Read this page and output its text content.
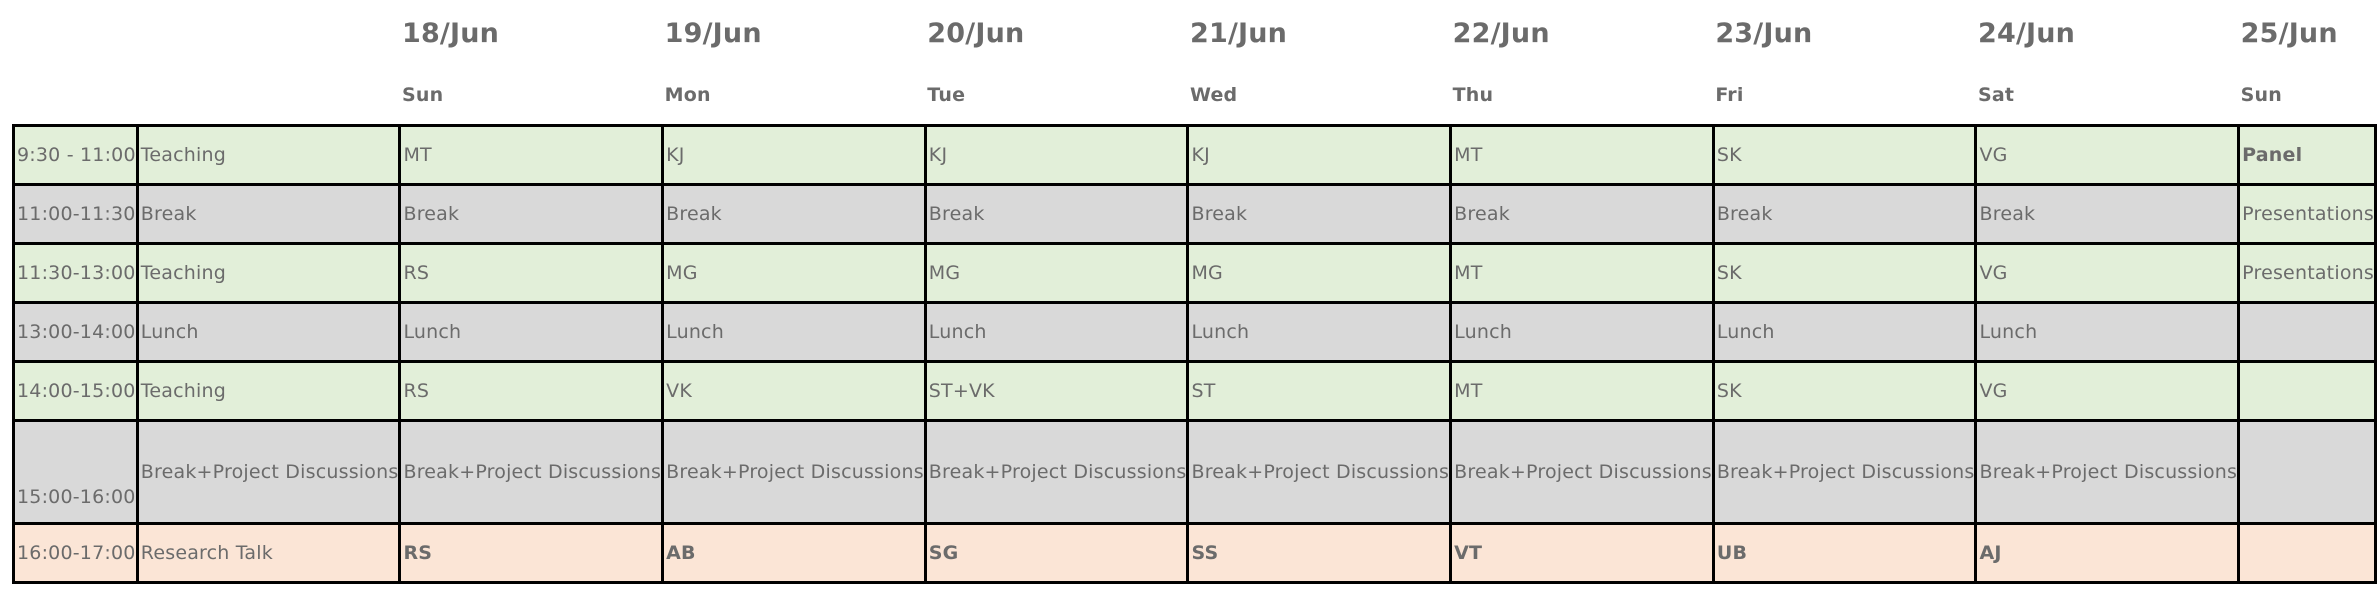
		18/Jun	19/Jun	20/Jun	21/Jun	22/Jun	23/Jun	24/Jun	25/Jun
		Sun	Mon	Tue	Wed	Thu	Fri	Sat	Sun
9:30 - 11:00	Teaching	MT	KJ	KJ	KJ	MT	SK	VG	Panel
11:00-11:30	Break	Break	Break	Break	Break	Break	Break	Break	Presentations
11:30-13:00	Teaching	RS	MG	MG	MG	MT	SK	VG	Presentations
13:00-14:00	Lunch	Lunch	Lunch	Lunch	Lunch	Lunch	Lunch	Lunch	
14:00-15:00	Teaching	RS	VK	ST+VK	ST	MT	SK	VG	
15:00-16:00	Break+Project Discussions	Break+Project Discussions	Break+Project Discussions	Break+Project Discussions	Break+Project Discussions	Break+Project Discussions	Break+Project Discussions	Break+Project Discussions	
16:00-17:00	Research Talk	RS	AB	SG	SS	VT	UB	AJ	
